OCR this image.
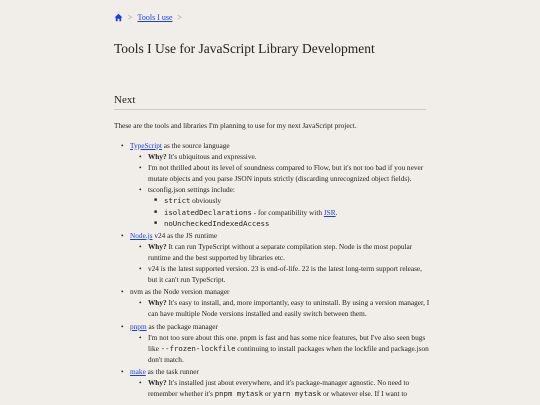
> Tools I use >
Tools I Use for JavaScript Library Development
Next

These are the tools and libraries I'm planning to use for my next JavaScript project.

• TypeScript as the source language
• Why? It's ubiquitous and expressive.
• I'm not thrilled about its level of soundness compared to Flow, but it's not too bad if you never mutate objects and you parse JSON inputs strictly (discarding unrecognized object fields).
• tsconfig.json settings include:
■ strict obviously
■ isolatedDeclarations - for compatibility with JSR.
■ noUncheckedIndexedAccess
• Node.js v24 as the JS runtime
• Why? It can run TypeScript without a separate compilation step. Node is the most popular runtime and the best supported by libraries etc.
• v24 is the latest supported version. 23 is end-of-life. 22 is the latest long-term support release, but it can't run TypeScript.
• nvm as the Node version manager
• Why? It's easy to install, and, more importantly, easy to uninstall. By using a version manager, I can have multiple Node versions installed and easily switch between them.
• pnpm as the package manager
• I'm not too sure about this one. pnpm is fast and has some nice features, but I've also seen bugs like --frozen-lockfile continuing to install packages when the lockfile and package.json don't match.
• make as the task runner
• Why? It's installed just about everywhere, and it's package-manager agnostic. No need to remember whether it's pnpm mytask or yarn mytask or whatever else. If I want to
